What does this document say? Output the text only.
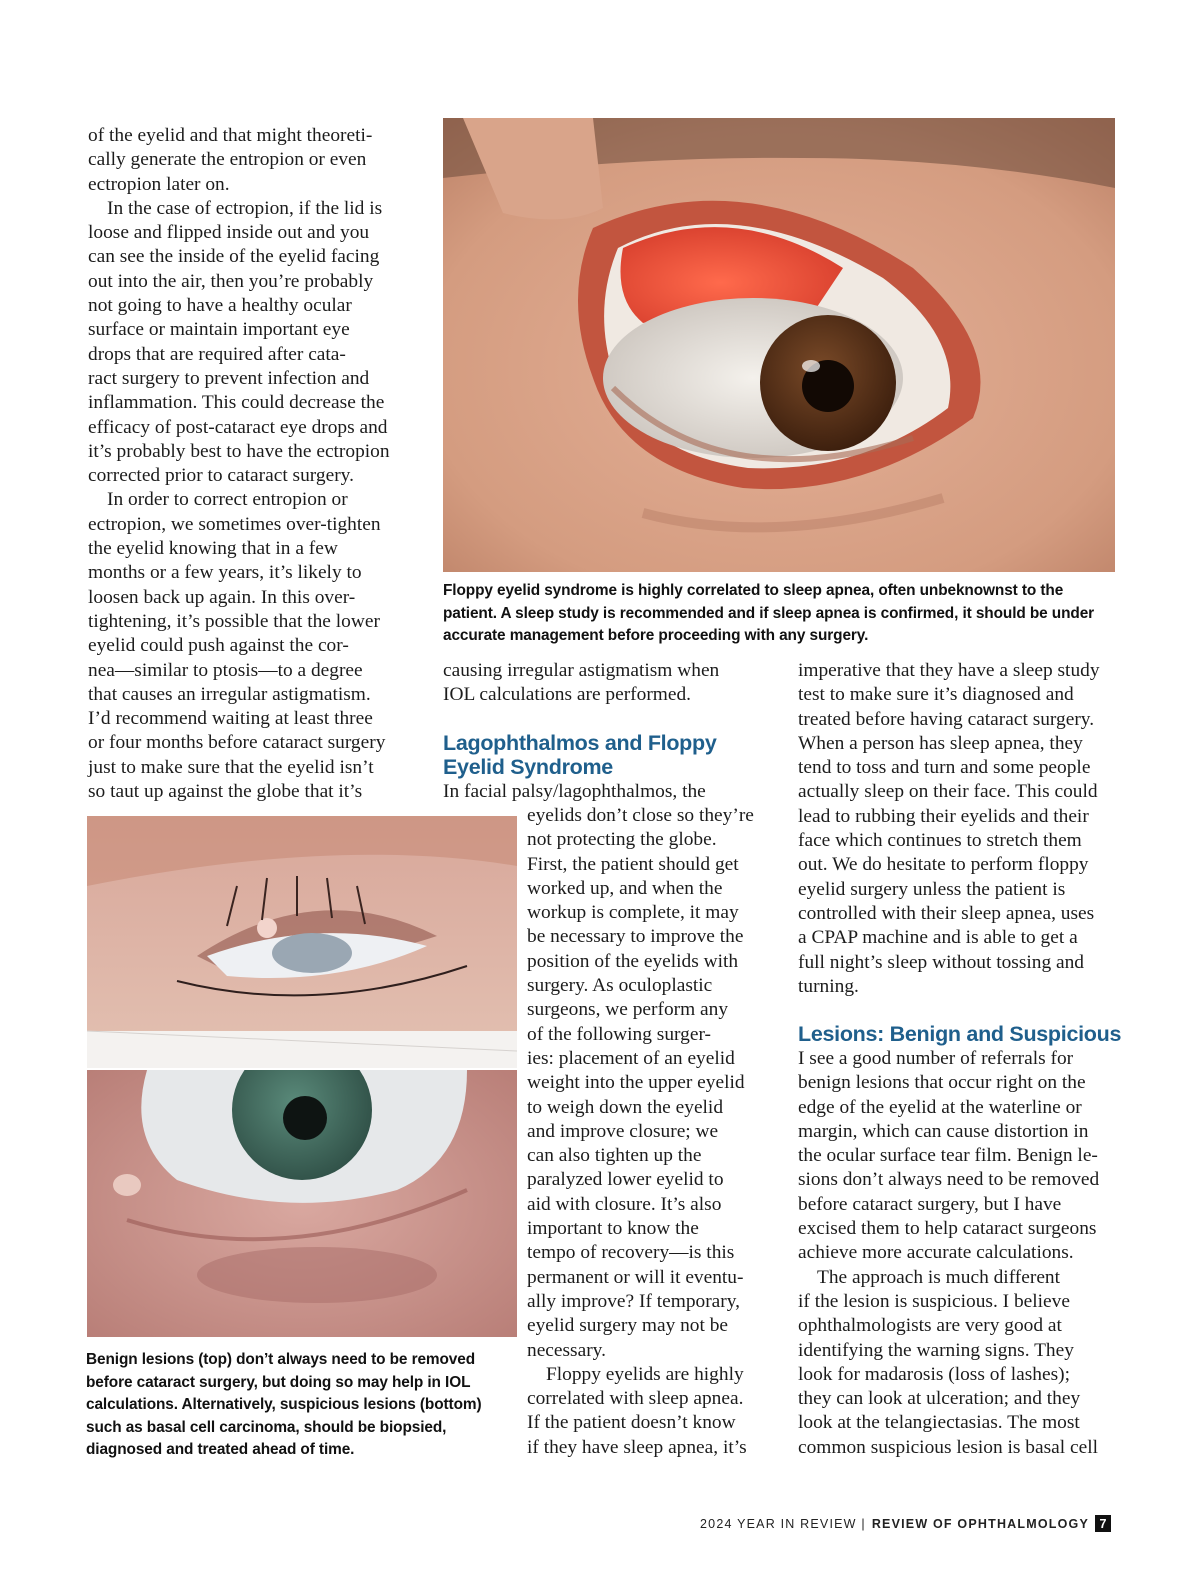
of the eyelid and that might theoreti-

cally generate the entropion or even

ectropion later on.

In the case of ectropion, if the lid is

loose and flipped inside out and you

can see the inside of the eyelid facing

out into the air, then you’re probably

not going to have a healthy ocular

surface or maintain important eye

drops that are required after cata-

ract surgery to prevent infection and

inflammation. This could decrease the

efficacy of post-cataract eye drops and

it’s probably best to have the ectropion

corrected prior to cataract surgery.

In order to correct entropion or

ectropion, we sometimes over-tighten

the eyelid knowing that in a few

months or a few years, it’s likely to

loosen back up again. In this over-

tightening, it’s possible that the lower

eyelid could push against the cor-

nea—similar to ptosis—to a degree

that causes an irregular astigmatism.

I’d recommend waiting at least three

or four months before cataract surgery

just to make sure that the eyelid isn’t

so taut up against the globe that it’s

Floppy eyelid syndrome is highly correlated to sleep apnea, often unbeknownst to the

patient. A sleep study is recommended and if sleep apnea is confirmed, it should be under

accurate management before proceeding with any surgery.

causing irregular astigmatism when

IOL calculations are performed.

Lagophthalmos and Floppy

Eyelid Syndrome

In facial palsy/lagophthalmos, the

eyelids don’t close so they’re

not protecting the globe.

First, the patient should get

worked up, and when the

workup is complete, it may

be necessary to improve the

position of the eyelids with

surgery. As oculoplastic

surgeons, we perform any

of the following surger-

ies: placement of an eyelid

weight into the upper eyelid

to weigh down the eyelid

and improve closure; we

can also tighten up the

paralyzed lower eyelid to

aid with closure. It’s also

important to know the

tempo of recovery—is this

permanent or will it eventu-

ally improve? If temporary,

eyelid surgery may not be

necessary.

Floppy eyelids are highly

correlated with sleep apnea.

If the patient doesn’t know

if they have sleep apnea, it’s

imperative that they have a sleep study

test to make sure it’s diagnosed and

treated before having cataract surgery.

When a person has sleep apnea, they

tend to toss and turn and some people

actually sleep on their face. This could

lead to rubbing their eyelids and their

face which continues to stretch them

out. We do hesitate to perform floppy

eyelid surgery unless the patient is

controlled with their sleep apnea, uses

a CPAP machine and is able to get a

full night’s sleep without tossing and

turning.

Lesions: Benign and Suspicious

I see a good number of referrals for

benign lesions that occur right on the

edge of the eyelid at the waterline or

margin, which can cause distortion in

the ocular surface tear film. Benign le-

sions don’t always need to be removed

before cataract surgery, but I have

excised them to help cataract surgeons

achieve more accurate calculations.

The approach is much different

if the lesion is suspicious. I believe

ophthalmologists are very good at

identifying the warning signs. They

look for madarosis (loss of lashes);

they can look at ulceration; and they

look at the telangiectasias. The most

common suspicious lesion is basal cell

Benign lesions (top) don’t always need to be removed

before cataract surgery, but doing so may help in IOL

calculations. Alternatively, suspicious lesions (bottom)

such as basal cell carcinoma, should be biopsied,

diagnosed and treated ahead of time.

2024 YEAR IN REVIEW | REVIEW OF OPHTHALMOLOGY 7
